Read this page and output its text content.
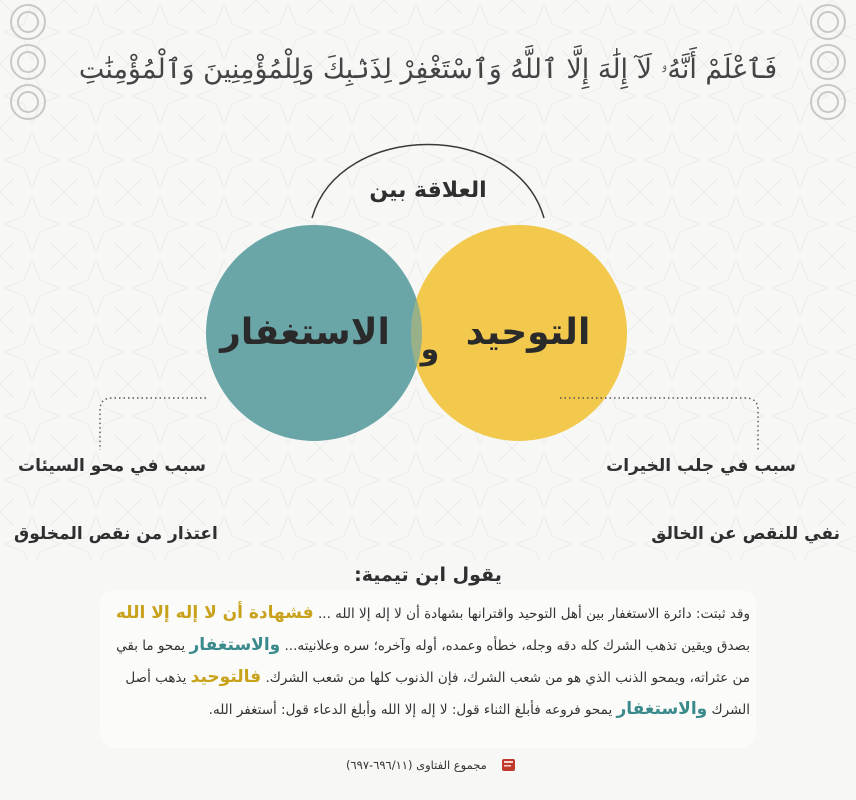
فَٱعْلَمْ أَنَّهُۥ لَآ إِلَٰهَ إِلَّا ٱللَّهُ وَٱسْتَغْفِرْ لِذَنۢبِكَ وَلِلْمُؤْمِنِينَ وَٱلْمُؤْمِنَٰتِ
العلاقة بين
التوحيد
الاستغفار	و
سبب في جلب الخيرات
نفي للنقص عن الخالق
سبب في محو السيئات
اعتذار من نقص المخلوق
يقول ابن تيمية:
وقد ثبتت: دائرة الاستغفار بين أهل التوحيد واقترانها بشهادة أن لا إله إلا الله ... فشهادة أن لا إله إلا الله بصدق ويقين تذهب الشرك كله دقه وجله، خطأه وعمده، أوله وآخره؛ سره وعلانيته... والاستغفار يمحو ما بقي من عثراته، ويمحو الذنب الذي هو من شعب الشرك، فإن الذنوب كلها من شعب الشرك. فالتوحيد يذهب أصل الشرك والاستغفار يمحو فروعه فأبلغ الثناء قول: لا إله إلا الله وأبلغ الدعاء قول: أستغفر الله.
مجموع الفتاوى (٦٩٦/١١-٦٩٧)
